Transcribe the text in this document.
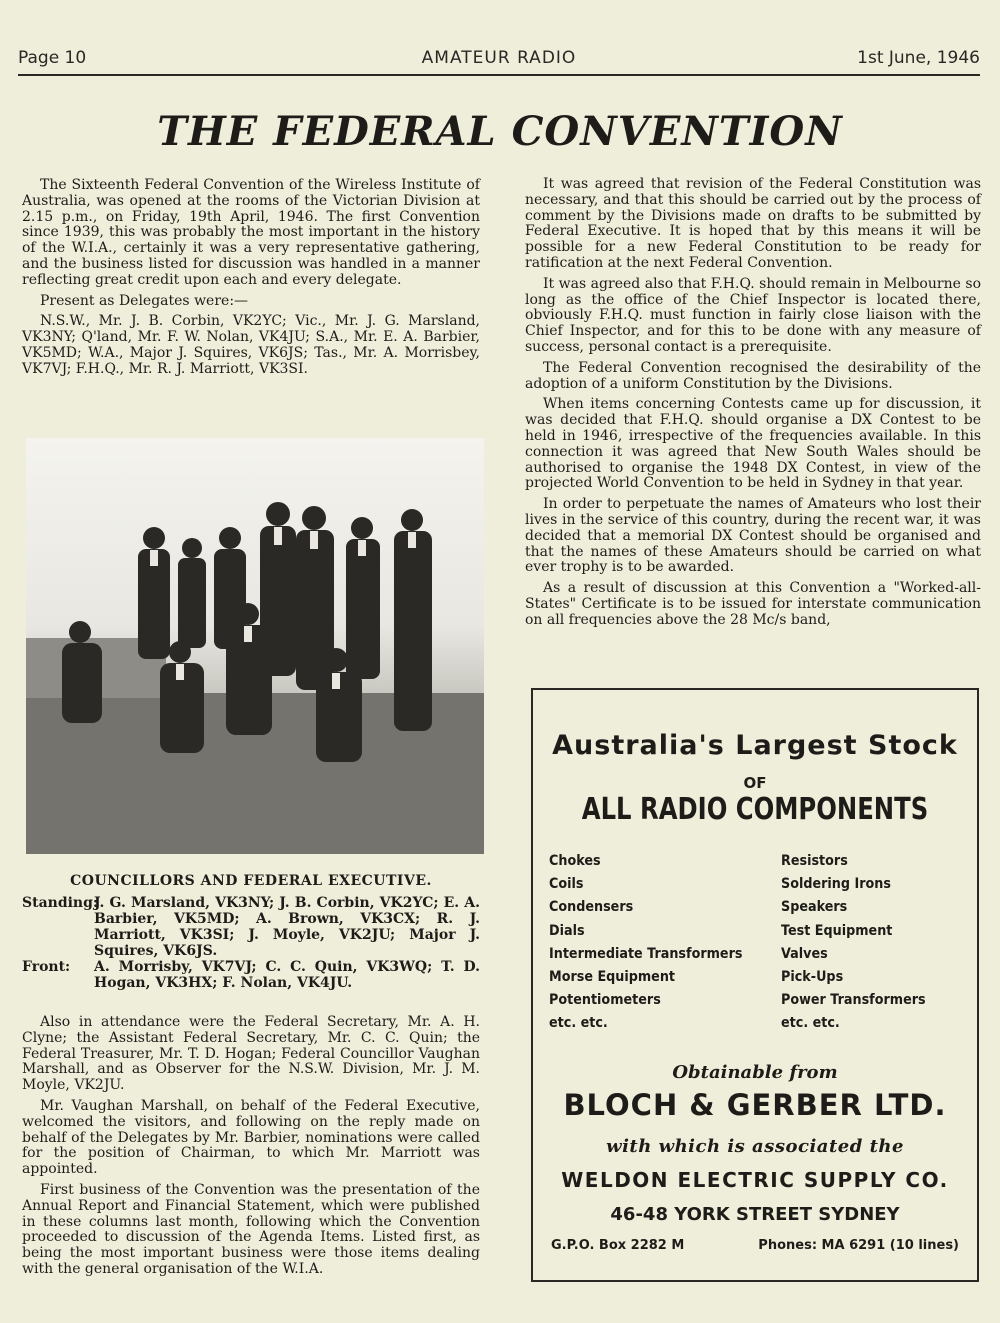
Page 10	AMATEUR RADIO	1st June, 1946
THE FEDERAL CONVENTION

The Sixteenth Federal Convention of the Wireless Institute of Australia, was opened at the rooms of the Victorian Division at 2.15 p.m., on Friday, 19th April, 1946. The first Convention since 1939, this was probably the most important in the history of the W.I.A., certainly it was a very representative gathering, and the business listed for discussion was handled in a manner reflecting great credit upon each and every delegate.

Present as Delegates were:—

N.S.W., Mr. J. B. Corbin, VK2YC; Vic., Mr. J. G. Marsland, VK3NY; Q'land, Mr. F. W. Nolan, VK4JU; S.A., Mr. E. A. Barbier, VK5MD; W.A., Major J. Squires, VK6JS; Tas., Mr. A. Morrisbey, VK7VJ; F.H.Q., Mr. R. J. Marriott, VK3SI.

COUNCILLORS AND FEDERAL EXECUTIVE.
Standing:
J. G. Marsland, VK3NY; J. B. Corbin, VK2YC; E. A. Barbier, VK5MD; A. Brown, VK3CX; R. J. Marriott, VK3SI; J. Moyle, VK2JU; Major J. Squires, VK6JS.
Front:	A. Morrisby, VK7VJ; C. C. Quin, VK3WQ; T. D. Hogan, VK3HX; F. Nolan, VK4JU.

Also in attendance were the Federal Secretary, Mr. A. H. Clyne; the Assistant Federal Secretary, Mr. C. C. Quin; the Federal Treasurer, Mr. T. D. Hogan; Federal Councillor Vaughan Marshall, and as Observer for the N.S.W. Division, Mr. J. M. Moyle, VK2JU.

Mr. Vaughan Marshall, on behalf of the Federal Executive, welcomed the visitors, and following on the reply made on behalf of the Delegates by Mr. Barbier, nominations were called for the position of Chairman, to which Mr. Marriott was appointed.

First business of the Convention was the presentation of the Annual Report and Financial Statement, which were published in these columns last month, following which the Convention proceeded to discussion of the Agenda Items. Listed first, as being the most important business were those items dealing with the general organisation of the W.I.A.

It was agreed that revision of the Federal Constitution was necessary, and that this should be carried out by the process of comment by the Divisions made on drafts to be submitted by Federal Executive. It is hoped that by this means it will be possible for a new Federal Constitution to be ready for ratification at the next Federal Convention.

It was agreed also that F.H.Q. should remain in Melbourne so long as the office of the Chief Inspector is located there, obviously F.H.Q. must function in fairly close liaison with the Chief Inspector, and for this to be done with any measure of success, personal contact is a prerequisite.

The Federal Convention recognised the desirability of the adoption of a uniform Constitution by the Divisions.

When items concerning Contests came up for discussion, it was decided that F.H.Q. should organise a DX Contest to be held in 1946, irrespective of the frequencies available. In this connection it was agreed that New South Wales should be authorised to organise the 1948 DX Contest, in view of the projected World Convention to be held in Sydney in that year.

In order to perpetuate the names of Amateurs who lost their lives in the service of this country, during the recent war, it was decided that a memorial DX Contest should be organised and that the names of these Amateurs should be carried on what ever trophy is to be awarded.

As a result of discussion at this Convention a "Worked-all-States" Certificate is to be issued for interstate communication on all frequencies above the 28 Mc/s band,

Australia's Largest Stock
OF
ALL RADIO COMPONENTS
Chokes
Coils
Condensers
Dials
Intermediate Transformers
Morse Equipment
Potentiometers
etc. etc.
Resistors
Soldering Irons
Speakers
Test Equipment
Valves
Pick-Ups
Power Transformers
etc. etc.
Obtainable from
BLOCH & GERBER LTD.
with which is associated the
WELDON ELECTRIC SUPPLY CO.
46-48 YORK STREET SYDNEY
G.P.O. Box 2282 M	Phones: MA 6291 (10 lines)
